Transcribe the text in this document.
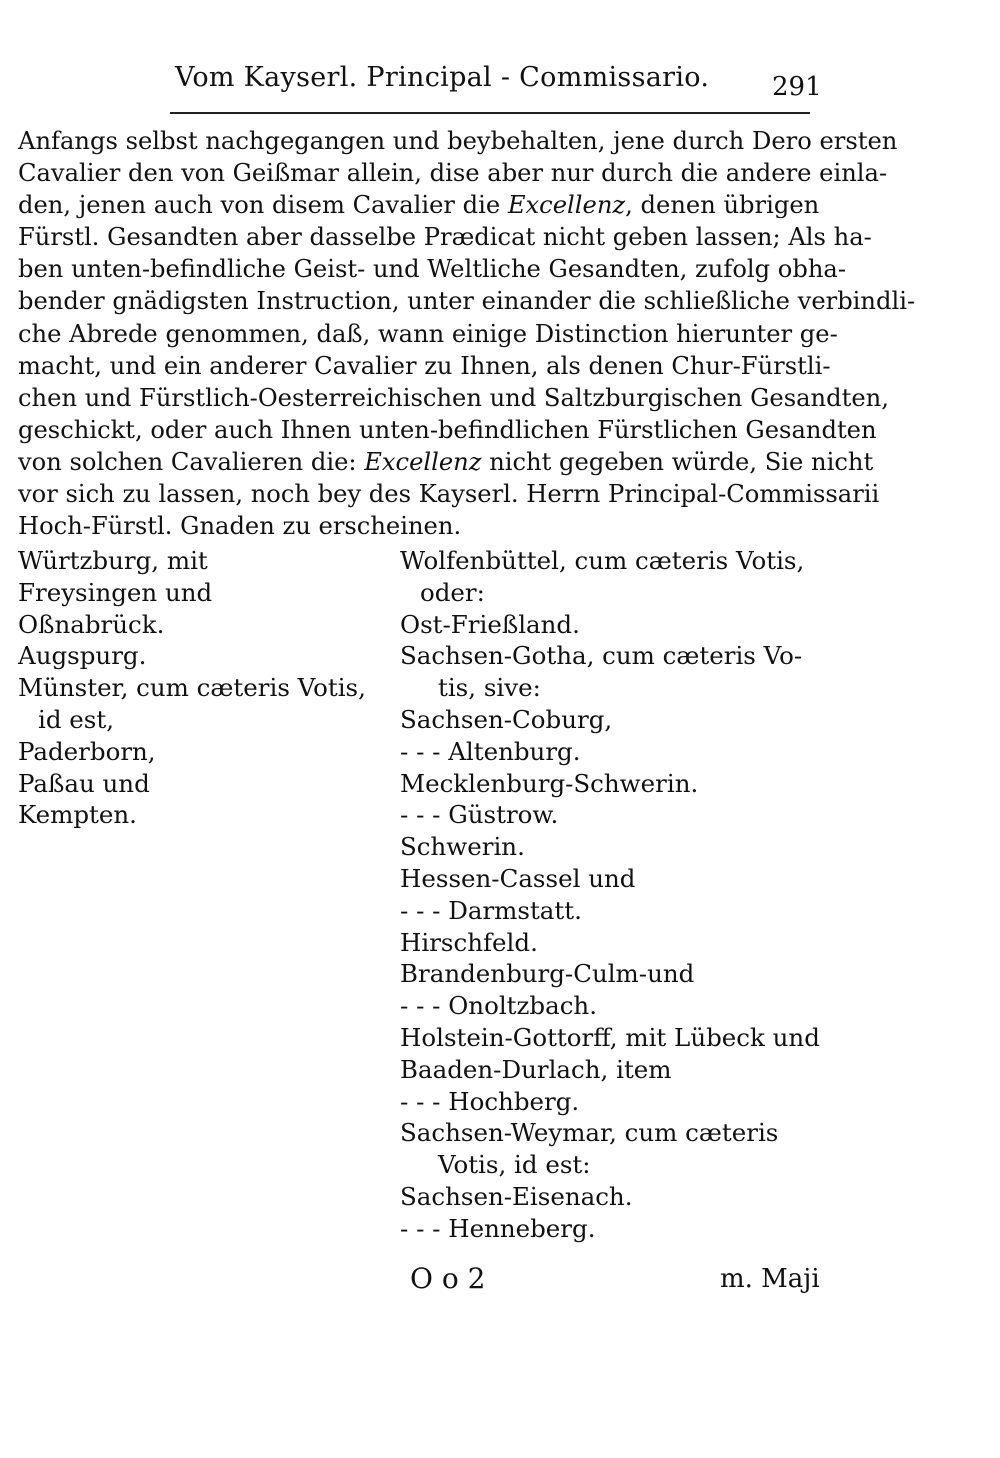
Vom Kayserl. Principal - Commissario. 291
Anfangs selbst nachgegangen und beybehalten, jene durch Dero ersten
Cavalier den von Geißmar allein, dise aber nur durch die andere einla-
den, jenen auch von disem Cavalier die Excellenz, denen übrigen
Fürstl. Gesandten aber dasselbe Prædicat nicht geben lassen; Als ha-
ben unten-befindliche Geist- und Weltliche Gesandten, zufolg obha-
bender gnädigsten Instruction, unter einander die schließliche verbindli-
che Abrede genommen, daß, wann einige Distinction hierunter ge-
macht, und ein anderer Cavalier zu Ihnen, als denen Chur-Fürstli-
chen und Fürstlich-Oesterreichischen und Saltzburgischen Gesandten,
geschickt, oder auch Ihnen unten-befindlichen Fürstlichen Gesandten
von solchen Cavalieren die: Excellenz nicht gegeben würde, Sie nicht
vor sich zu lassen, noch bey des Kayserl. Herrn Principal-Commissarii
Hoch-Fürstl. Gnaden zu erscheinen.
Würtzburg, mit
Freysingen und
Oßnabrück.
Augspurg.
Münster, cum cæteris Votis,
id est,
Paderborn,
Paßau und
Kempten.
Wolfenbüttel, cum cæteris Votis,
oder:
Ost-Frießland.
Sachsen-Gotha, cum cæteris Vo-
tis, sive:
Sachsen-Coburg,
- - - Altenburg.
Mecklenburg-Schwerin.
- - - Güstrow.
Schwerin.
Hessen-Cassel und
- - - Darmstatt.
Hirschfeld.
Brandenburg-Culm-und
- - - Onoltzbach.
Holstein-Gottorff, mit Lübeck und
Baaden-Durlach, item
- - - Hochberg.
Sachsen-Weymar, cum cæteris
Votis, id est:
Sachsen-Eisenach.
- - - Henneberg.
O o 2	m. Maji
